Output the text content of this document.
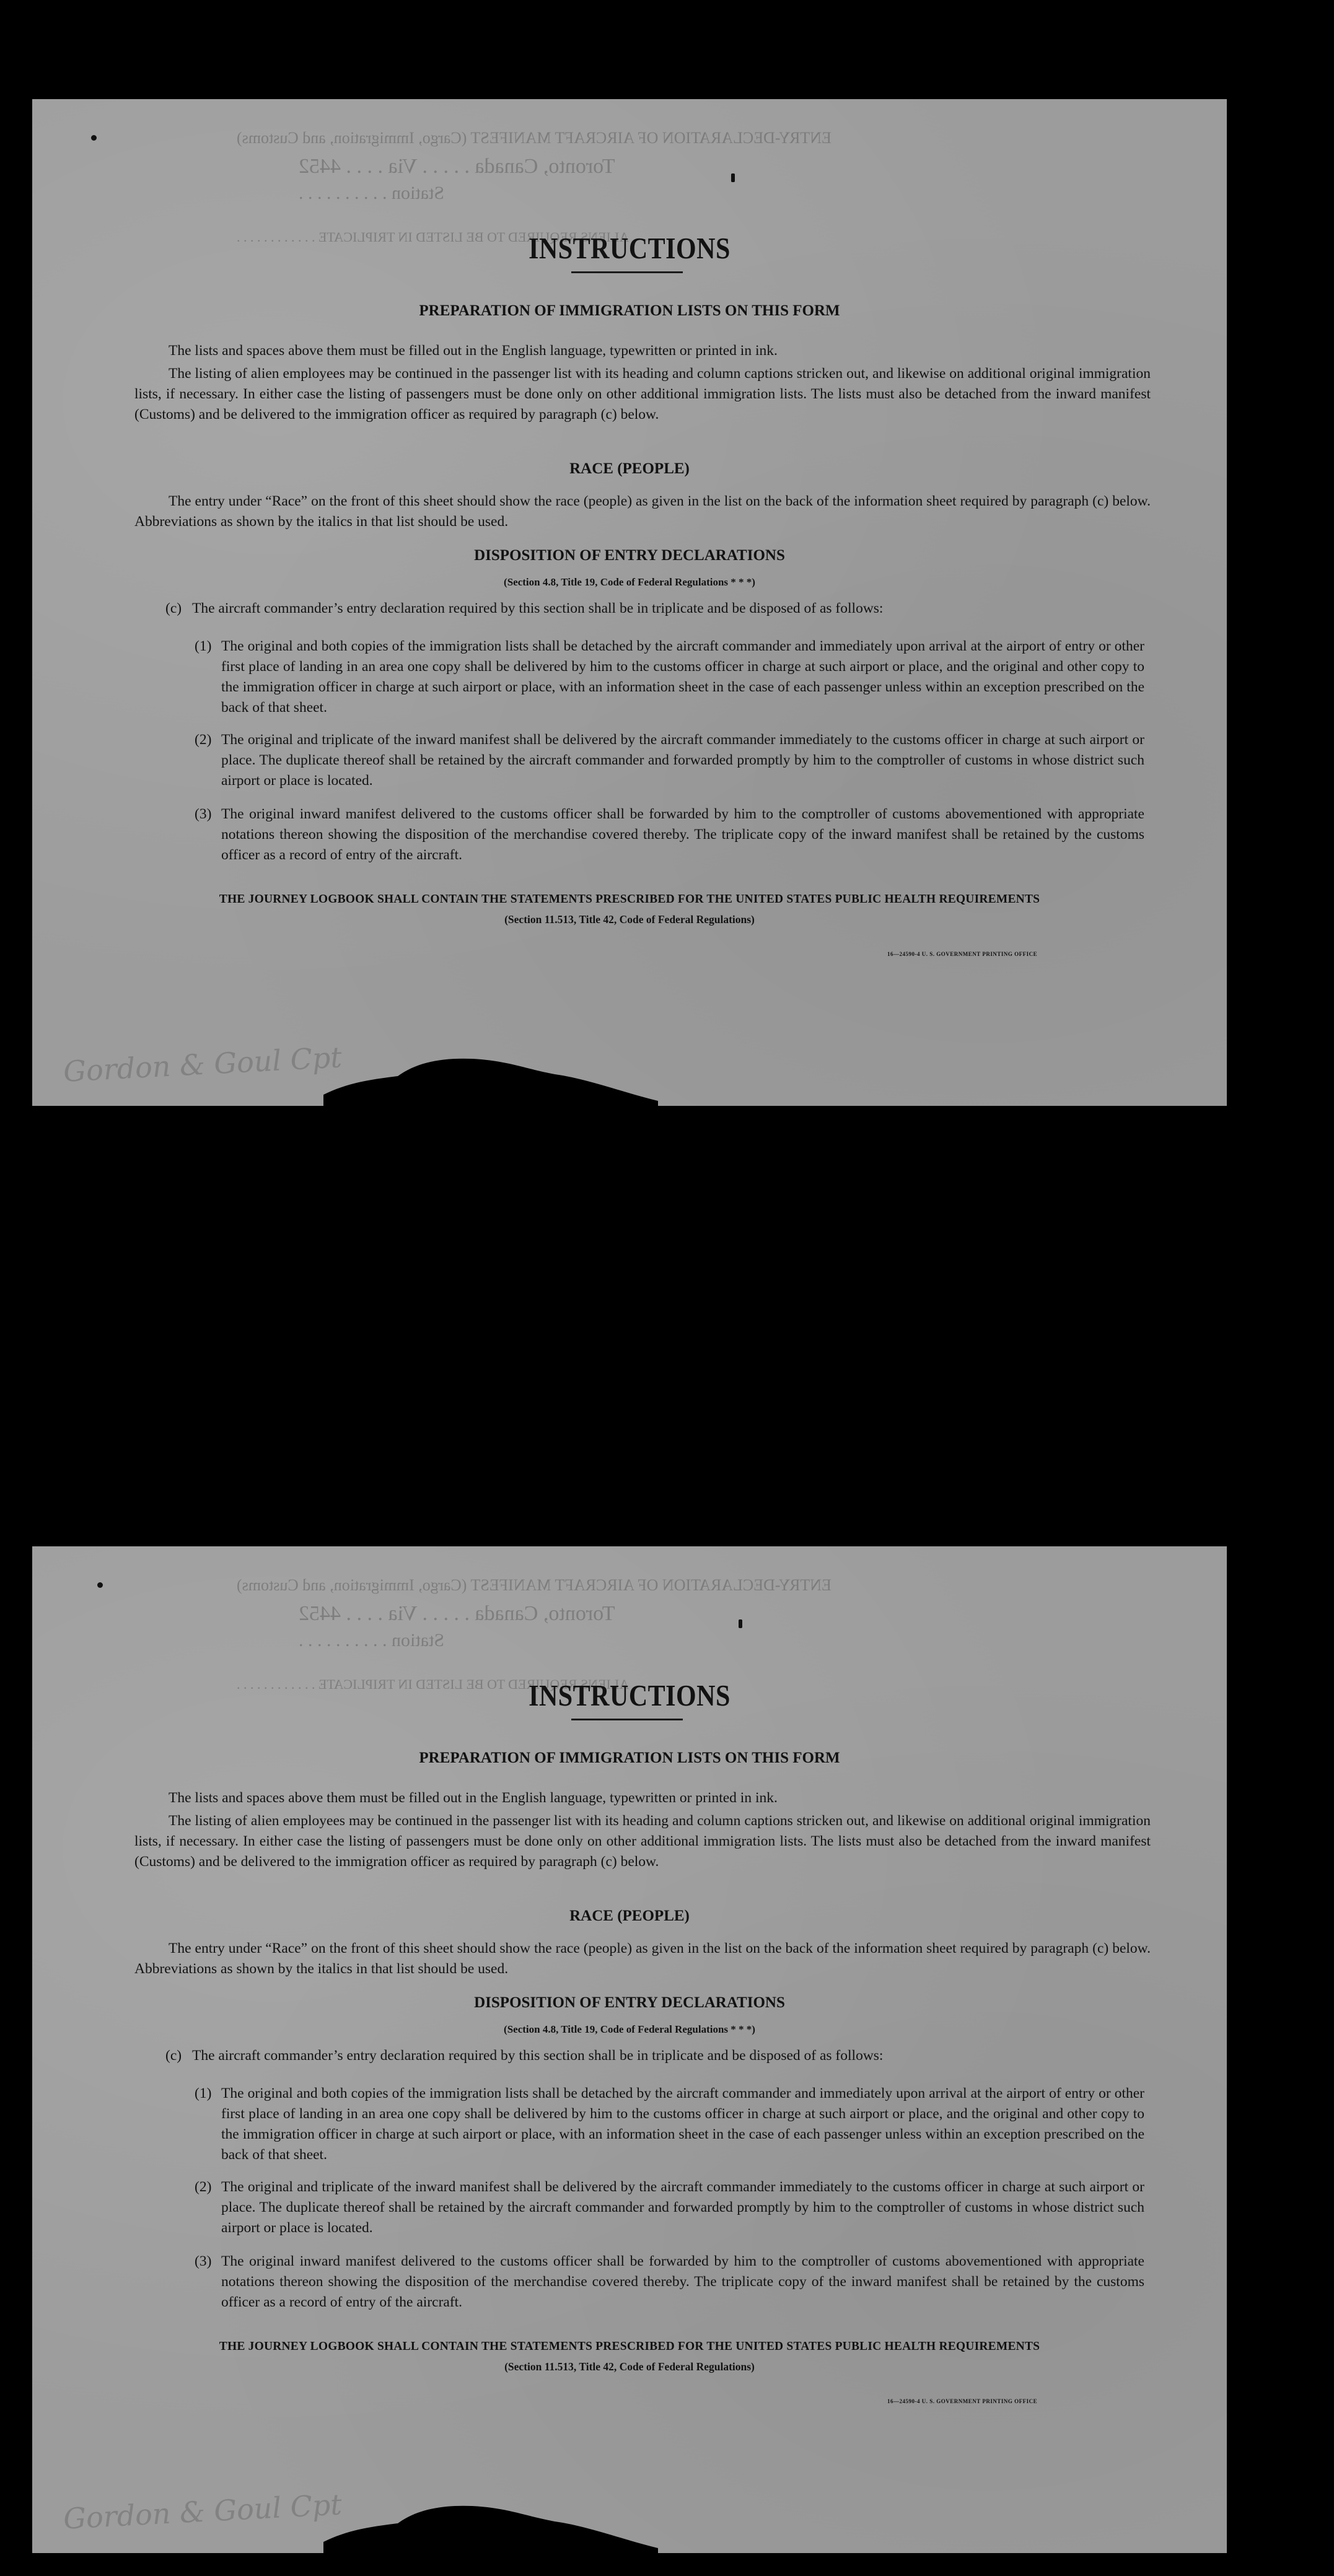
ENTRY-DECLARATION OF AIRCRAFT MANIFEST (Cargo, Immigration, and Customs)
Toronto, Canada . . . . . Via . . . . 4452
Station . . . . . . . . . .
ALIENS REQUIRED TO BE LISTED IN TRIPLICATE . . . . . . . . . . . .
INSTRUCTIONS
PREPARATION OF IMMIGRATION LISTS ON THIS FORM
The lists and spaces above them must be filled out in the English language, typewritten or printed in ink.
The listing of alien employees may be continued in the passenger list with its heading and column captions stricken out, and likewise on additional original immigration lists, if necessary. In either case the listing of passengers must be done only on other additional immigration lists. The lists must also be detached from the inward manifest (Customs) and be delivered to the immigration officer as required by paragraph (c) below.
RACE (PEOPLE)
The entry under “Race” on the front of this sheet should show the race (people) as given in the list on the back of the information sheet required by paragraph (c) below. Abbreviations as shown by the italics in that list should be used.
DISPOSITION OF ENTRY DECLARATIONS
(Section 4.8, Title 19, Code of Federal Regulations * * *)
(c) The aircraft commander’s entry declaration required by this section shall be in triplicate and be disposed of as follows:
(1) The original and both copies of the immigration lists shall be detached by the aircraft commander and immediately upon arrival at the airport of entry or other first place of landing in an area one copy shall be delivered by him to the customs officer in charge at such airport or place, and the original and other copy to the immigration officer in charge at such airport or place, with an information sheet in the case of each passenger unless within an exception prescribed on the back of that sheet.
(2) The original and triplicate of the inward manifest shall be delivered by the aircraft commander immediately to the customs officer in charge at such airport or place. The duplicate thereof shall be retained by the aircraft commander and forwarded promptly by him to the comptroller of customs in whose district such airport or place is located.
(3) The original inward manifest delivered to the customs officer shall be forwarded by him to the comptroller of customs abovementioned with appropriate notations thereon showing the disposition of the merchandise covered thereby. The triplicate copy of the inward manifest shall be retained by the customs officer as a record of entry of the aircraft.
THE JOURNEY LOGBOOK SHALL CONTAIN THE STATEMENTS PRESCRIBED FOR THE UNITED STATES PUBLIC HEALTH REQUIREMENTS
(Section 11.513, Title 42, Code of Federal Regulations)
16—24590-4 U. S. GOVERNMENT PRINTING OFFICE
Gordon & Goul Cpt
ENTRY-DECLARATION OF AIRCRAFT MANIFEST (Cargo, Immigration, and Customs)
Toronto, Canada . . . . . Via . . . . 4452
Station . . . . . . . . . .
ALIENS REQUIRED TO BE LISTED IN TRIPLICATE . . . . . . . . . . . .
INSTRUCTIONS
PREPARATION OF IMMIGRATION LISTS ON THIS FORM
The lists and spaces above them must be filled out in the English language, typewritten or printed in ink.
The listing of alien employees may be continued in the passenger list with its heading and column captions stricken out, and likewise on additional original immigration lists, if necessary. In either case the listing of passengers must be done only on other additional immigration lists. The lists must also be detached from the inward manifest (Customs) and be delivered to the immigration officer as required by paragraph (c) below.
RACE (PEOPLE)
The entry under “Race” on the front of this sheet should show the race (people) as given in the list on the back of the information sheet required by paragraph (c) below. Abbreviations as shown by the italics in that list should be used.
DISPOSITION OF ENTRY DECLARATIONS
(Section 4.8, Title 19, Code of Federal Regulations * * *)
(c) The aircraft commander’s entry declaration required by this section shall be in triplicate and be disposed of as follows:
(1) The original and both copies of the immigration lists shall be detached by the aircraft commander and immediately upon arrival at the airport of entry or other first place of landing in an area one copy shall be delivered by him to the customs officer in charge at such airport or place, and the original and other copy to the immigration officer in charge at such airport or place, with an information sheet in the case of each passenger unless within an exception prescribed on the back of that sheet.
(2) The original and triplicate of the inward manifest shall be delivered by the aircraft commander immediately to the customs officer in charge at such airport or place. The duplicate thereof shall be retained by the aircraft commander and forwarded promptly by him to the comptroller of customs in whose district such airport or place is located.
(3) The original inward manifest delivered to the customs officer shall be forwarded by him to the comptroller of customs abovementioned with appropriate notations thereon showing the disposition of the merchandise covered thereby. The triplicate copy of the inward manifest shall be retained by the customs officer as a record of entry of the aircraft.
THE JOURNEY LOGBOOK SHALL CONTAIN THE STATEMENTS PRESCRIBED FOR THE UNITED STATES PUBLIC HEALTH REQUIREMENTS
(Section 11.513, Title 42, Code of Federal Regulations)
16—24590-4 U. S. GOVERNMENT PRINTING OFFICE
Gordon & Goul Cpt
